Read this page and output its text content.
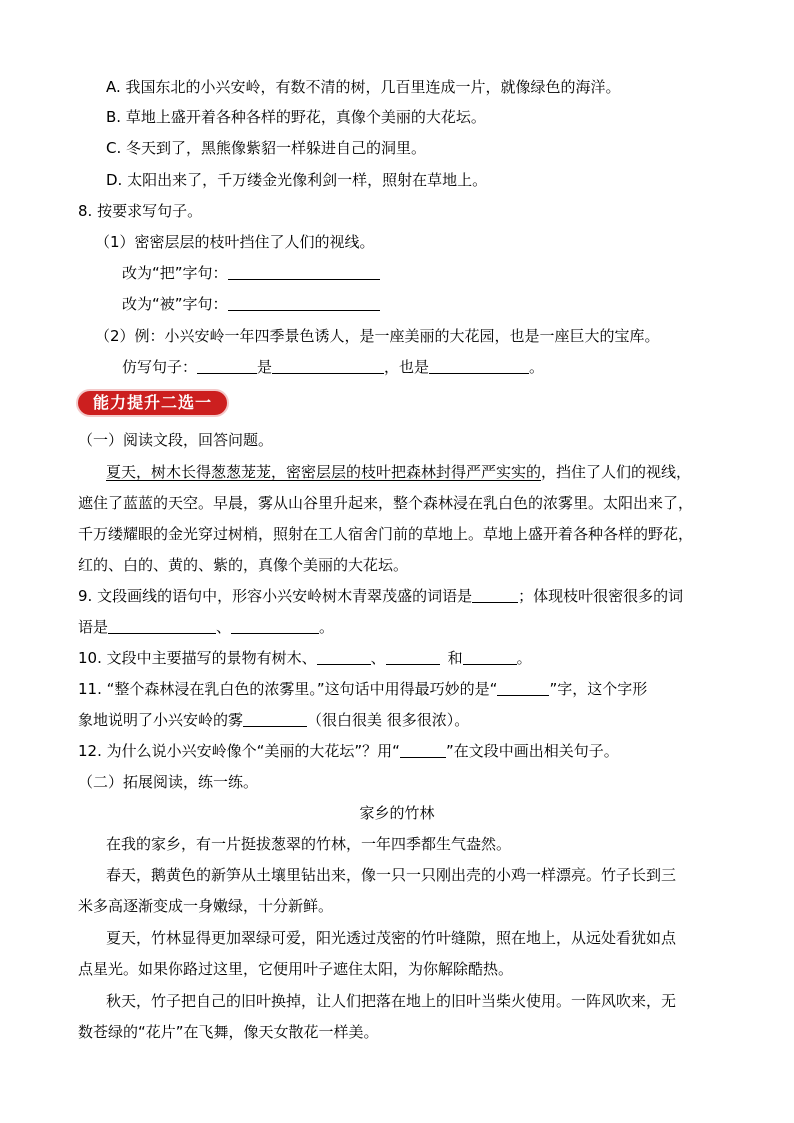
A. 我国东北的小兴安岭，有数不清的树，几百里连成一片，就像绿色的海洋。
B. 草地上盛开着各种各样的野花，真像个美丽的大花坛。
C. 冬天到了，黑熊像紫貂一样躲进自己的洞里。
D. 太阳出来了，千万缕金光像利剑一样，照射在草地上。
8. 按要求写句子。
（1）密密层层的枝叶挡住了人们的视线。
改为“把”字句：
改为“被”字句：
（2）例：小兴安岭一年四季景色诱人，是一座美丽的大花园，也是一座巨大的宝库。
仿写句子：	是	，也是	。
能力提升二选一
（一）阅读文段，回答问题。
夏天，树木长得葱葱茏茏，密密层层的枝叶把森林封得严严实实的，挡住了人们的视线，
遮住了蓝蓝的天空。早晨，雾从山谷里升起来，整个森林浸在乳白色的浓雾里。太阳出来了，
千万缕耀眼的金光穿过树梢，照射在工人宿舍门前的草地上。草地上盛开着各种各样的野花，
红的、白的、黄的、紫的，真像个美丽的大花坛。
9. 文段画线的语句中，形容小兴安岭树木青翠茂盛的词语是	；体现枝叶很密很多的词
语是	、	。
10. 文段中主要描写的景物有树木、	、	和	。
11. “整个森林浸在乳白色的浓雾里。”这句话中用得最巧妙的是“	”字，这个字形
象地说明了小兴安岭的雾	（很白很美 很多很浓）。
12. 为什么说小兴安岭像个“美丽的大花坛”？用“	”在文段中画出相关句子。
（二）拓展阅读，练一练。
家乡的竹林
在我的家乡，有一片挺拔葱翠的竹林，一年四季都生气盎然。
春天，鹅黄色的新笋从土壤里钻出来，像一只一只刚出壳的小鸡一样漂亮。竹子长到三
米多高逐渐变成一身嫩绿，十分新鲜。
夏天，竹林显得更加翠绿可爱，阳光透过茂密的竹叶缝隙，照在地上，从远处看犹如点
点星光。如果你路过这里，它便用叶子遮住太阳，为你解除酷热。
秋天，竹子把自己的旧叶换掉，让人们把落在地上的旧叶当柴火使用。一阵风吹来，无
数苍绿的“花片”在飞舞，像天女散花一样美。
